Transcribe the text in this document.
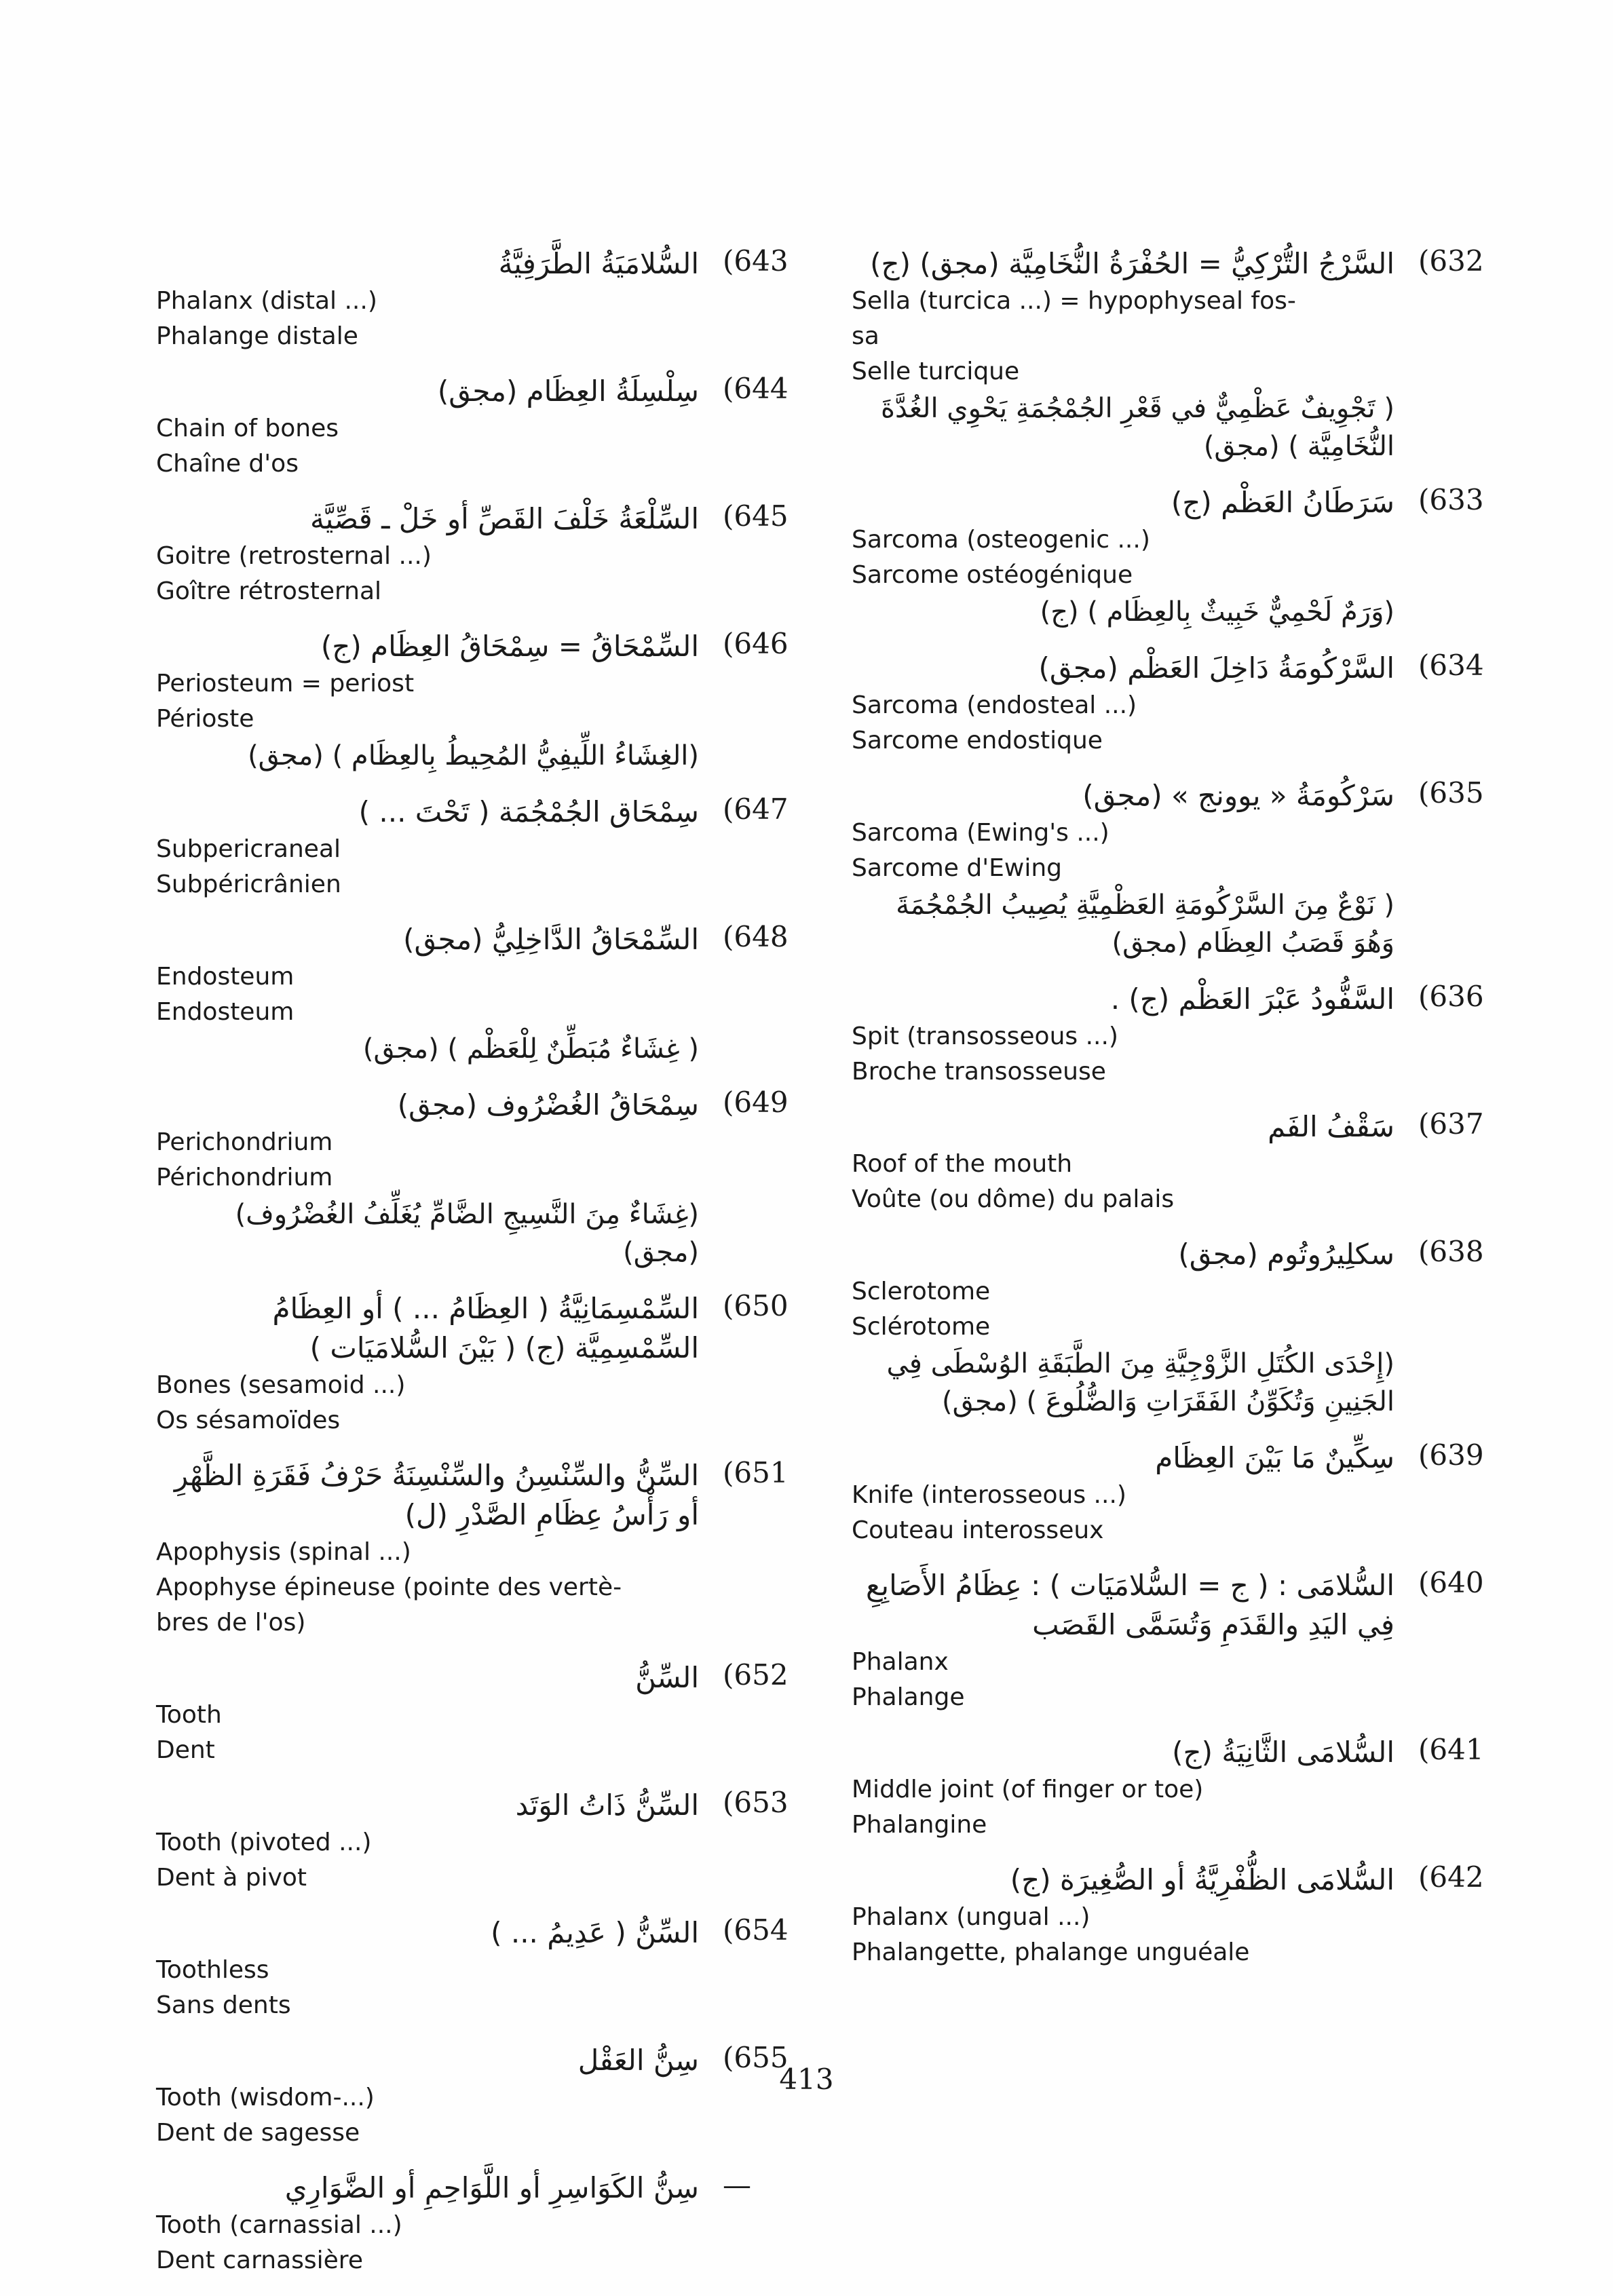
(643
السُّلامَيَةُ الطَّرَفِيَّةُ
Phalanx (distal ...)
Phalange distale
(644
سِلْسِلَةُ العِظَام (مجق)
Chain of bones
Chaîne d'os
(645
السِّلْعَةُ خَلْفَ القَصِّ أو خَلْ ـ قَصِّيَّة
Goitre (retrosternal ...)
Goître rétrosternal
(646
السِّمْحَاقُ = سِمْحَاقُ العِظَام (ج)
Periosteum = periost
Périoste
(الغِشَاءُ اللِّيفِيُّ المُحِيطُ بِالعِظَام ) (مجق)
(647
سِمْحَاق الجُمْجُمَة ( تَحْتَ ... )
Subpericraneal
Subpéricrânien
(648
السِّمْحَاقُ الدَّاخِلِيُّ (مجق)
Endosteum
Endosteum
( غِشَاءٌ مُبَطِّنٌ لِلْعَظْم ) (مجق)
(649
سِمْحَاقُ الغُضْرُوف (مجق)
Perichondrium
Périchondrium
(غِشَاءٌ مِنَ النَّسِيجِ الضَّامِّ يُغَلِّفُ الغُضْرُوف) (مجق)
(650
السِّمْسِمَانِيَّةُ ( العِظَامُ ... ) أو العِظَامُ السِّمْسِمِيَّة (ج) ( بَيْنَ السُّلامَيَات )
Bones (sesamoid ...)
Os sésamoïdes
(651
السِّنُّ والسِّنْسِنُ والسِّنْسِنَةُ حَرْفُ فَقَرَةِ الظَّهْرِ أو رَأْسُ عِظَامِ الصَّدْرِ (ل)
Apophysis (spinal ...)
Apophyse épineuse (pointe des vertè-
bres de l'os)
(652
السِّنُّ
Tooth
Dent
(653
السِّنُّ ذَاتُ الوَتَد
Tooth (pivoted ...)
Dent à pivot
(654
السِّنُّ ( عَدِيمُ ... )
Toothless
Sans dents
(655
سِنُّ العَقْل
Tooth (wisdom-...)
Dent de sagesse
—
سِنُّ الكَوَاسِرِ أو اللَّوَاحِمِ أو الضَّوَارِي
Tooth (carnassial ...)
Dent carnassière
(632
السَّرْجُ التُّرْكِيُّ = الحُفْرَةُ النُّخَامِيَّة (مجق) (ج)
Sella (turcica ...) = hypophyseal fos-
sa
Selle turcique
( تَجْوِيفٌ عَظْمِيٌّ في قَعْرِ الجُمْجُمَةِ يَحْوِي الغُدَّةَ النُّخَامِيَّة ) (مجق)
(633
سَرَطَانُ العَظْم (ج)
Sarcoma (osteogenic ...)
Sarcome ostéogénique
(وَرَمٌ لَحْمِيٌّ خَبِيثٌ بِالعِظَام ) (ج)
(634
السَّرْكُومَةُ دَاخِلَ العَظْم (مجق)
Sarcoma (endosteal ...)
Sarcome endostique
(635
سَرْكُومَةُ « يوونج » (مجق)
Sarcoma (Ewing's ...)
Sarcome d'Ewing
( نَوْعٌ مِنَ السَّرْكُومَةِ العَظْمِيَّةِ يُصِيبُ الجُمْجُمَةَ وَهُوَ قَصَبُ العِظَام (مجق)
(636
السَّفُّودُ عَبْرَ العَظْم (ج) .
Spit (transosseous ...)
Broche transosseuse
(637
سَقْفُ الفَم
Roof of the mouth
Voûte (ou dôme) du palais
(638
سكلِيرُوتُوم (مجق)
Sclerotome
Sclérotome
(إِحْدَى الكُتَلِ الزَّوْجِيَّةِ مِنَ الطَّبَقَةِ الوُسْطَى فِي الجَنِينِ وَتُكَوِّنُ الفَقَرَاتِ وَالضُّلُوعَ ) (مجق)
(639
سِكِّينٌ مَا بَيْنَ العِظَام
Knife (interosseous ...)
Couteau interosseux
(640
السُّلامَى : ( ج = السُّلامَيَات ) : عِظَامُ الأَصَابِعِ فِي اليَدِ والقَدَمِ وَتُسَمَّى القَصَب
Phalanx
Phalange
(641
السُّلامَى الثَّانِيَةُ (ج)
Middle joint (of finger or toe)
Phalangine
(642
السُّلامَى الظُّفْرِيَّةُ أو الصُّغِيرَة (ج)
Phalanx (ungual ...)
Phalangette, phalange unguéale
413
